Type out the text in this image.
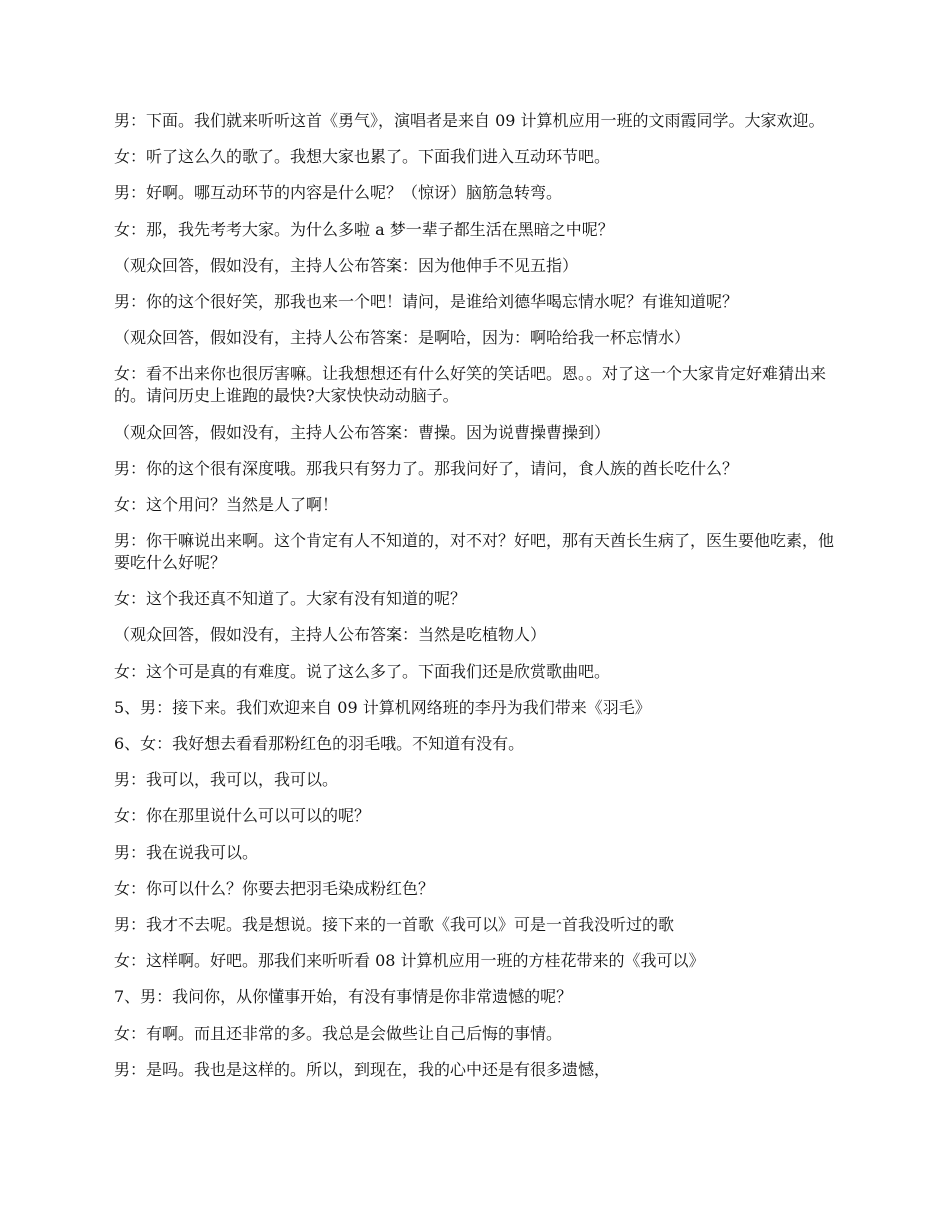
男：下面。我们就来听听这首《勇气》，演唱者是来自 09 计算机应用一班的文雨霞同学。大家欢迎。

女：听了这么久的歌了。我想大家也累了。下面我们进入互动环节吧。

男：好啊。哪互动环节的内容是什么呢？（惊讶）脑筋急转弯。

女：那，我先考考大家。为什么多啦 a 梦一辈子都生活在黑暗之中呢？

（观众回答，假如没有，主持人公布答案：因为他伸手不见五指）

男：你的这个很好笑，那我也来一个吧！请问，是谁给刘德华喝忘情水呢？有谁知道呢？

（观众回答，假如没有，主持人公布答案：是啊哈，因为：啊哈给我一杯忘情水）

女：看不出来你也很厉害嘛。让我想想还有什么好笑的笑话吧。恩。。对了这一个大家肯定好难猜出来的。请问历史上谁跑的最快?大家快快动动脑子。

（观众回答，假如没有，主持人公布答案：曹操。因为说曹操曹操到）

男：你的这个很有深度哦。那我只有努力了。那我问好了，请问，食人族的酋长吃什么？

女：这个用问？当然是人了啊！

男：你干嘛说出来啊。这个肯定有人不知道的，对不对？好吧，那有天酋长生病了，医生要他吃素，他要吃什么好呢？

女：这个我还真不知道了。大家有没有知道的呢？

（观众回答，假如没有，主持人公布答案：当然是吃植物人）

女：这个可是真的有难度。说了这么多了。下面我们还是欣赏歌曲吧。

5、男：接下来。我们欢迎来自 09 计算机网络班的李丹为我们带来《羽毛》

6、女：我好想去看看那粉红色的羽毛哦。不知道有没有。

男：我可以，我可以，我可以。

女：你在那里说什么可以可以的呢？

男：我在说我可以。

女：你可以什么？你要去把羽毛染成粉红色？

男：我才不去呢。我是想说。接下来的一首歌《我可以》可是一首我没听过的歌

女：这样啊。好吧。那我们来听听看 08 计算机应用一班的方桂花带来的《我可以》

7、男：我问你，从你懂事开始，有没有事情是你非常遗憾的呢？

女：有啊。而且还非常的多。我总是会做些让自己后悔的事情。

男：是吗。我也是这样的。所以，到现在，我的心中还是有很多遗憾，
